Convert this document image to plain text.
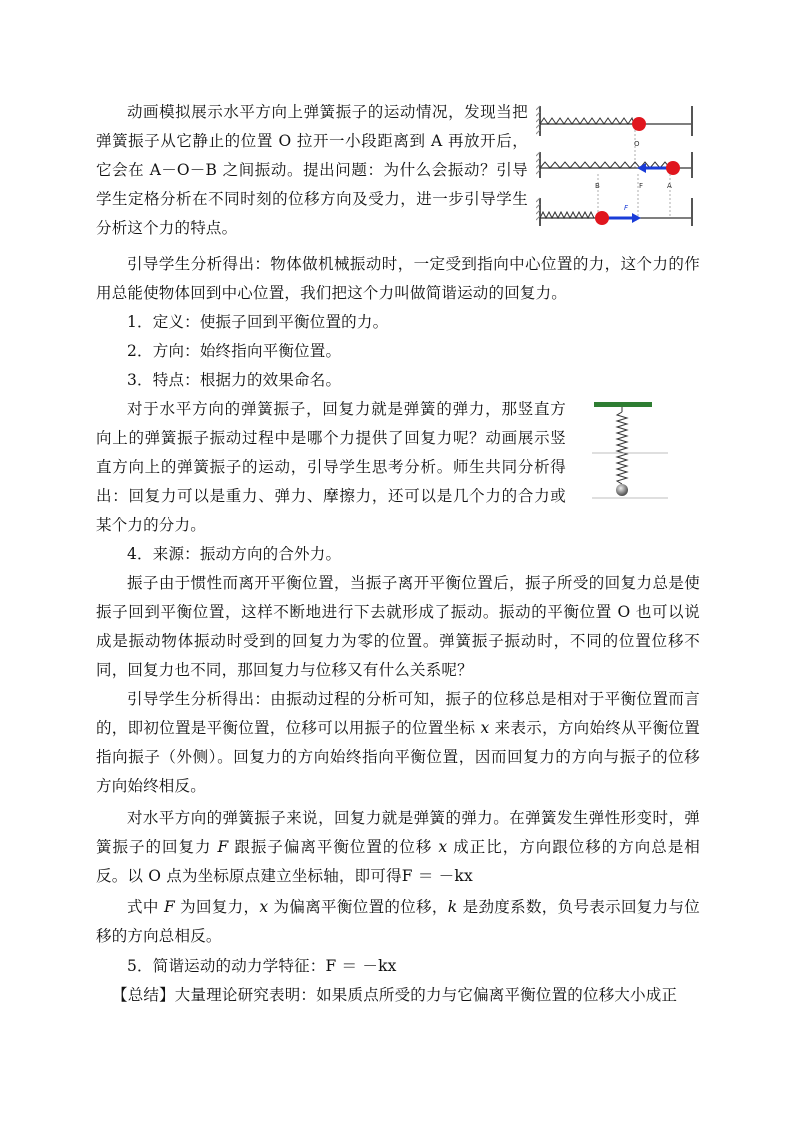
动画模拟展示水平方向上弹簧振子的运动情况，发现当把弹簧振子从它静止的位置 O 拉开一小段距离到 A 再放开后，它会在 A－O－B 之间振动。提出问题：为什么会振动？引导学生定格分析在不同时刻的位移方向及受力，进一步引导学生分析这个力的特点。

O
B	F	A
F

引导学生分析得出：物体做机械振动时，一定受到指向中心位置的力，这个力的作用总能使物体回到中心位置，我们把这个力叫做简谐运动的回复力。

1．定义：使振子回到平衡位置的力。

2．方向：始终指向平衡位置。

3．特点：根据力的效果命名。

对于水平方向的弹簧振子，回复力就是弹簧的弹力，那竖直方向上的弹簧振子振动过程中是哪个力提供了回复力呢？动画展示竖直方向上的弹簧振子的运动，引导学生思考分析。师生共同分析得出：回复力可以是重力、弹力、摩擦力，还可以是几个力的合力或某个力的分力。

4．来源：振动方向的合外力。

振子由于惯性而离开平衡位置，当振子离开平衡位置后，振子所受的回复力总是使振子回到平衡位置，这样不断地进行下去就形成了振动。振动的平衡位置 O 也可以说成是振动物体振动时受到的回复力为零的位置。弹簧振子振动时，不同的位置位移不同，回复力也不同，那回复力与位移又有什么关系呢？

引导学生分析得出：由振动过程的分析可知，振子的位移总是相对于平衡位置而言的，即初位置是平衡位置，位移可以用振子的位置坐标 x 来表示，方向始终从平衡位置指向振子（外侧）。回复力的方向始终指向平衡位置，因而回复力的方向与振子的位移方向始终相反。

对水平方向的弹簧振子来说，回复力就是弹簧的弹力。在弹簧发生弹性形变时，弹簧振子的回复力 F 跟振子偏离平衡位置的位移 x 成正比，方向跟位移的方向总是相反。以 O 点为坐标原点建立坐标轴，即可得F ＝ －kx

式中 F 为回复力，x 为偏离平衡位置的位移，k 是劲度系数，负号表示回复力与位移的方向总相反。

5．简谐运动的动力学特征：F ＝ －kx

【总结】大量理论研究表明：如果质点所受的力与它偏离平衡位置的位移大小成正
